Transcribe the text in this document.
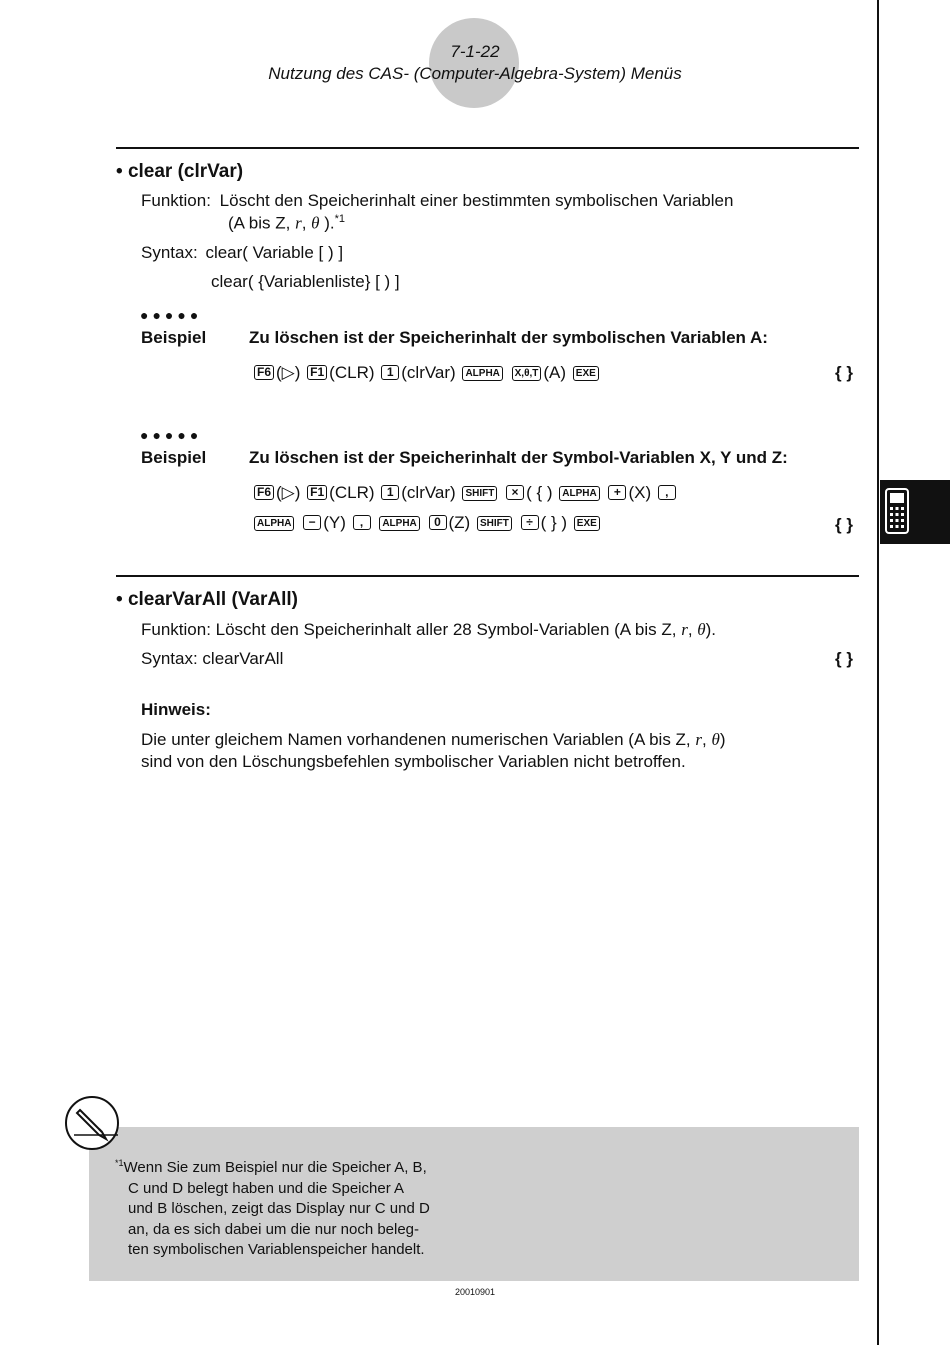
7-1-22
Nutzung des CAS- (Computer-Algebra-System) Menüs
• clear (clrVar)
Funktion: Löscht den Speicherinhalt einer bestimmten symbolischen Variablen
(A bis Z, r, θ ).$^{*1}$
Syntax: clear( Variable [ ) ]
clear( {Variablenliste} [ ) ]
●●●●●
Beispiel	Zu löschen ist der Speicherinhalt der symbolischen Variablen A:
F6 (▷) F1 (CLR) 1 (clrVar) ALPHA X,θ,T (A) EXE	{ }
●●●●●
Beispiel	Zu löschen ist der Speicherinhalt der Symbol-Variablen X, Y und Z:
F6 (▷) F1 (CLR) 1 (clrVar) SHIFT × ( { ) ALPHA + (X) ,
ALPHA − (Y) , ALPHA 0 (Z) SHIFT ÷ ( } ) EXE	{ }
• clearVarAll (VarAll)
Funktion: Löscht den Speicherinhalt aller 28 Symbol-Variablen (A bis Z, r, θ).
Syntax: clearVarAll	{ }
Hinweis:
Die unter gleichem Namen vorhandenen numerischen Variablen (A bis Z, r, θ)
sind von den Löschungsbefehlen symbolischer Variablen nicht betroffen.
$^{*1}$Wenn Sie zum Beispiel nur die Speicher A, B,
C und D belegt haben und die Speicher A
und B löschen, zeigt das Display nur C und D
an, da es sich dabei um die nur noch beleg-
ten symbolischen Variablenspeicher handelt.
20010901
